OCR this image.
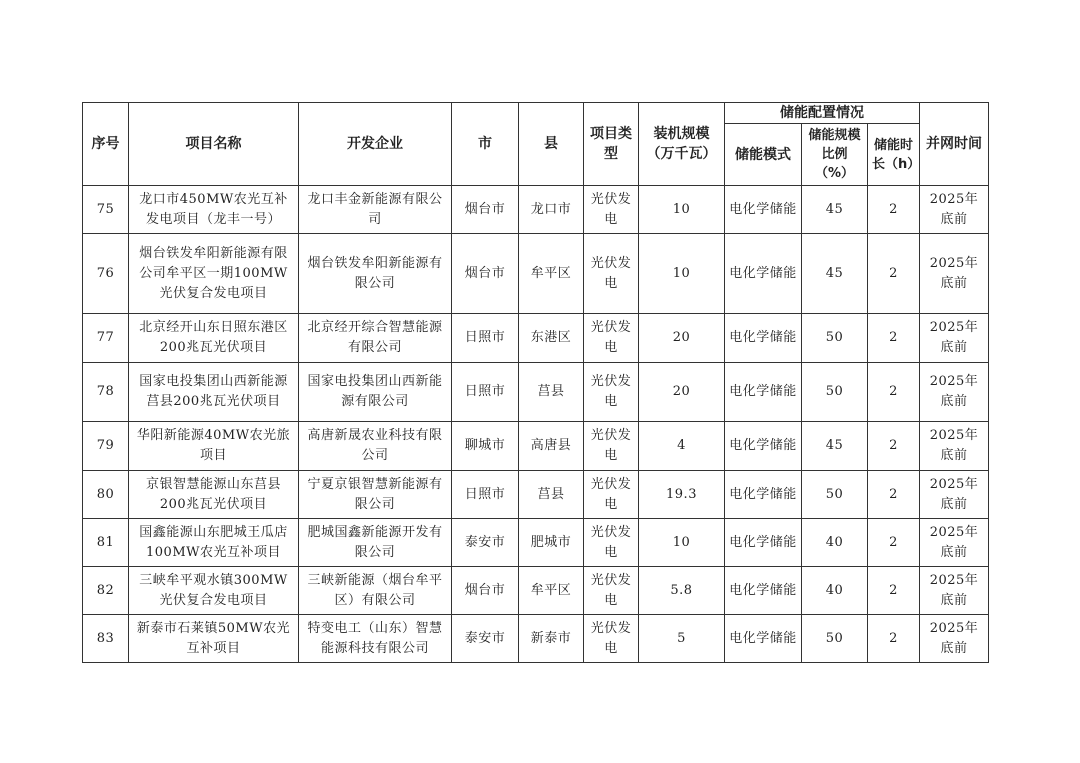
序号	项目名称	开发企业	市	县	项目类型	装机规模（万千瓦）	储能配置情况			并网时间
							储能模式	储能规模比例（%）	储能时长（h）	
75	龙口市450MW农光互补发电项目（龙丰一号）	龙口丰金新能源有限公司	烟台市	龙口市	光伏发电	10	电化学储能	45	2	2025年底前
76	烟台铁发牟阳新能源有限公司牟平区一期100MW光伏复合发电项目	烟台铁发牟阳新能源有限公司	烟台市	牟平区	光伏发电	10	电化学储能	45	2	2025年底前
77	北京经开山东日照东港区200兆瓦光伏项目	北京经开综合智慧能源有限公司	日照市	东港区	光伏发电	20	电化学储能	50	2	2025年底前
78	国家电投集团山西新能源莒县200兆瓦光伏项目	国家电投集团山西新能源有限公司	日照市	莒县	光伏发电	20	电化学储能	50	2	2025年底前
79	华阳新能源40MW农光旅项目	高唐新晟农业科技有限公司	聊城市	高唐县	光伏发电	4	电化学储能	45	2	2025年底前
80	京银智慧能源山东莒县200兆瓦光伏项目	宁夏京银智慧新能源有限公司	日照市	莒县	光伏发电	19.3	电化学储能	50	2	2025年底前
81	国鑫能源山东肥城王瓜店100MW农光互补项目	肥城国鑫新能源开发有限公司	泰安市	肥城市	光伏发电	10	电化学储能	40	2	2025年底前
82	三峡牟平观水镇300MW光伏复合发电项目	三峡新能源（烟台牟平区）有限公司	烟台市	牟平区	光伏发电	5.8	电化学储能	40	2	2025年底前
83	新泰市石莱镇50MW农光互补项目	特变电工（山东）智慧能源科技有限公司	泰安市	新泰市	光伏发电	5	电化学储能	50	2	2025年底前
